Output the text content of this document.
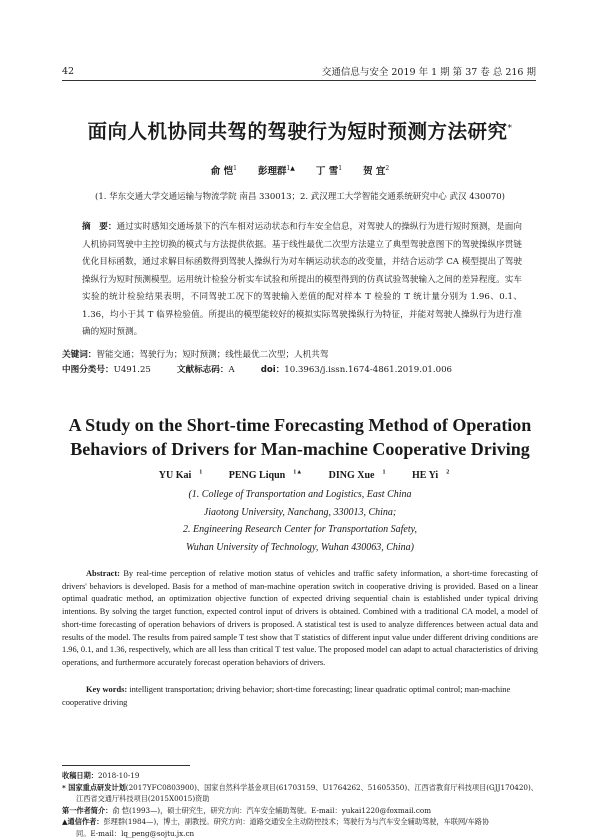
42	交通信息与安全 2019 年 1 期 第 37 卷 总 216 期
面向人机协同共驾的驾驶行为短时预测方法研究*
俞 恺$^1$ 彭理群$^{1▲}$ 丁 雪$^1$ 贺 宜$^2$
(1. 华东交通大学交通运输与物流学院 南昌 330013；2. 武汉理工大学智能交通系统研究中心 武汉 430070)
摘　要：通过实时感知交通场景下的汽车相对运动状态和行车安全信息，对驾驶人的操纵行为进行短时预测，是面向人机协同驾驶中主控切换的模式与方法提供依据。基于线性最优二次型方法建立了典型驾驶意图下的驾驶操纵序贯链优化目标函数，通过求解目标函数得到驾驶人操纵行为对车辆运动状态的改变量，并结合运动学 CA 模型提出了驾驶操纵行为短时预测模型。运用统计检验分析实车试验和所提出的模型得到的仿真试验驾驶输入之间的差异程度。实车实验的统计检验结果表明，不同驾驶工况下的驾驶输入差值的配对样本 T 检验的 T 统计量分别为 1.96、0.1、1.36，均小于其 T 临界检验值。所提出的模型能较好的模拟实际驾驶操纵行为特征，并能对驾驶人操纵行为进行准确的短时预测。
关键词：智能交通；驾驶行为；短时预测；线性最优二次型；人机共驾
中图分类号：U491.25	文献标志码：A	doi：10.3963/j.issn.1674-4861.2019.01.006
A Study on the Short-time Forecasting Method of Operation
Behaviors of Drivers for Man-machine Cooperative Driving
YU Kai $^1$	PENG Liqun $^{1▲}$	DING Xue $^1$	HE Yi $^2$
(1. College of Transportation and Logistics, East China
Jiaotong University, Nanchang, 330013, China;
2. Engineering Research Center for Transportation Safety,
Wuhan University of Technology, Wuhan 430063, China)
Abstract: By real-time perception of relative motion status of vehicles and traffic safety information, a short-time forecasting of drivers' behaviors is developed. Basis for a method of man-machine operation switch in cooperative driving is provided. Based on a linear optimal quadratic method, an optimization objective function of expected driving sequential chain is established under typical driving intentions. By solving the target function, expected control input of drivers is obtained. Combined with a traditional CA model, a model of short-time forecasting of operation behaviors of drivers is proposed. A statistical test is used to analyze differences between actual data and results of the model. The results from paired sample T test show that T statistics of different input value under different driving conditions are 1.96, 0.1, and 1.36, respectively, which are all less than critical T test value. The proposed model can adapt to actual characteristics of driving operations, and furthermore accurately forecast operation behaviors of drivers.
Key words: intelligent transportation; driving behavior; short-time forecasting; linear quadratic optimal control; man-machine cooperative driving
收稿日期：2018-10-19
* 国家重点研发计划(2017YFC0803900)、国家自然科学基金项目(61703159、U1764262、51605350)、江西省教育厅科技项目(GJJ170420)、
江西省交通厅科技项目(2015X0015)资助
第一作者简介：俞 恺(1993—)，硕士研究生，研究方向：汽车安全辅助驾驶。E-mail：yukai1220@foxmail.com
▲通信作者：彭理群(1984—)，博士，副教授。研究方向：道路交通安全主动防控技术；驾驶行为与汽车安全辅助驾驶，车联网/车路协
同。E-mail：lq_peng@sojtu.jx.cn
